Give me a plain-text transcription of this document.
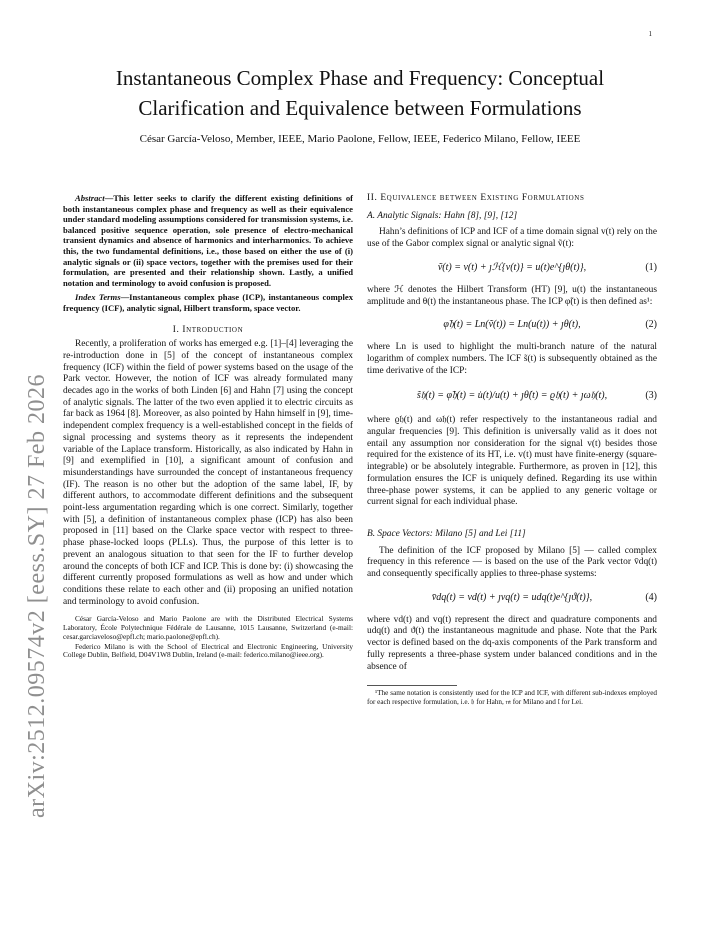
1
arXiv:2512.09574v2 [eess.SY] 27 Feb 2026
Instantaneous Complex Phase and Frequency: Conceptual
Clarification and Equivalence between Formulations
César García-Veloso, Member, IEEE, Mario Paolone, Fellow, IEEE, Federico Milano, Fellow, IEEE

Abstract—This letter seeks to clarify the different existing definitions of both instantaneous complex phase and frequency as well as their equivalence under standard modeling assumptions considered for transmission systems, i.e. balanced positive sequence operation, sole presence of electro-mechanical transient dynamics and absence of harmonics and interharmonics. To achieve this, the two fundamental definitions, i.e., those based on either the use of (i) analytic signals or (ii) space vectors, together with the premises used for their formulation, are presented and their relationship shown. Lastly, a unified notation and terminology to avoid confusion is proposed.

Index Terms—Instantaneous complex phase (ICP), instantaneous complex frequency (ICF), analytic signal, Hilbert transform, space vector.

I. Introduction

Recently, a proliferation of works has emerged e.g. [1]–[4] leveraging the re-introduction done in [5] of the concept of instantaneous complex frequency (ICF) within the field of power systems based on the usage of the Park vector. However, the notion of ICF was already formulated many decades ago in the works of both Linden [6] and Hahn [7] using the concept of analytic signals. The latter of the two even applied it to electric circuits as far back as 1964 [8]. Moreover, as also pointed by Hahn himself in [9], time-independent complex frequency is a well-established concept in the fields of signal processing and systems theory as it represents the independent variable of the Laplace transform. Historically, as also indicated by Hahn in [9] and exemplified in [10], a significant amount of confusion and misunderstandings have surrounded the concept of instantaneous frequency (IF). The reason is no other but the adoption of the same label, IF, by different authors, to accommodate different definitions and the subsequent point-less argumentation regarding which is one correct. Similarly, together with [5], a definition of instantaneous complex phase (ICP) has also been proposed in [11] based on the Clarke space vector with respect to three-phase phase-locked loops (PLLs). Thus, the purpose of this letter is to prevent an analogous situation to that seen for the IF to further develop around the concepts of both ICF and ICP. This is done by: (i) showcasing the different currently proposed formulations as well as how and under which conditions these relate to each other and (ii) proposing an unified notation and terminology to avoid confusion.

César García-Veloso and Mario Paolone are with the Distributed Electrical Systems Laboratory, École Polytechnique Fédérale de Lausanne, 1015 Lausanne, Switzerland (e-mail: cesar.garciaveloso@epfl.ch; mario.paolone@epfl.ch).

Federico Milano is with the School of Electrical and Electronic Engineering, University College Dublin, Belfield, D04V1W8 Dublin, Ireland (e-mail: federico.milano@ieee.org).

II. Equivalence between Existing Formulations
A. Analytic Signals: Hahn [8], [9], [12]

Hahn’s definitions of ICP and ICF of a time domain signal v(t) rely on the use of the Gabor complex signal or analytic signal ṽ(t):

ṽ(t) = v(t) + ȷℋ{v(t)} = u(t)e^{ȷθ(t)},	(1)

where ℋ denotes the Hilbert Transform (HT) [9], u(t) the instantaneous amplitude and θ(t) the instantaneous phase. The ICP φ̃(t) is then defined as¹:

φ̃𝔥(t) = Ln(ṽ(t)) = Ln(u(t)) + ȷθ(t),	(2)

where Ln is used to highlight the multi-branch nature of the natural logarithm of complex numbers. The ICF s̃(t) is subsequently obtained as the time derivative of the ICP:

s̃𝔥(t) = φ̃̇𝔥(t) = u̇(t)/u(t) + ȷθ̇(t) = ϱ𝔥(t) + ȷω𝔥(t),	(3)

where ϱ𝔥(t) and ω𝔥(t) refer respectively to the instantaneous radial and angular frequencies [9]. This definition is universally valid as it does not entail any assumption nor consideration for the signal v(t) besides those required for the existence of its HT, i.e. v(t) must have finite-energy (square-integrable) or be absolutely integrable. Furthermore, as proven in [12], this formulation ensures the ICF is uniquely defined. Regarding its use within three-phase power systems, it can be applied to any generic voltage or current signal for each individual phase.

B. Space Vectors: Milano [5] and Lei [11]

The definition of the ICF proposed by Milano [5] — called complex frequency in this reference — is based on the use of the Park vector v̄dq(t) and consequently specifically applies to three-phase systems:

v̄dq(t) = vd(t) + ȷvq(t) = udq(t)e^{ȷϑ(t)},	(4)

where vd(t) and vq(t) represent the direct and quadrature components and udq(t) and ϑ(t) the instantaneous magnitude and phase. Note that the Park vector is defined based on the dq-axis components of the Park transform and fully represents a three-phase system under balanced conditions and in the absence of

¹The same notation is consistently used for the ICP and ICF, with different sub-indexes employed for each respective formulation, i.e. 𝔥 for Hahn, 𝔪 for Milano and 𝔩 for Lei.
